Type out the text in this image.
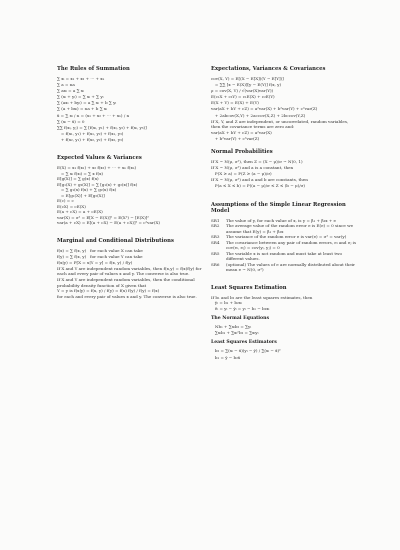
The Rules of Summation
∑ xᵢ = x₁ + x₂ + ··· + xₙ
∑ a = na
∑ axᵢ = a ∑ xᵢ
∑ (xᵢ + yᵢ) = ∑ xᵢ + ∑ yᵢ
∑ (axᵢ + byᵢ) = a ∑ xᵢ + b ∑ yᵢ
∑ (a + bxᵢ) = na + b ∑ xᵢ
x̄ = ∑ xᵢ / n = (x₁ + x₂ + ··· + xₙ) / n
∑ (xᵢ − x̄) = 0
∑∑ f(xᵢ, yⱼ) = ∑ [f(xᵢ, y₁) + f(xᵢ, y₂) + f(xᵢ, y₃)]
= f(x₁, y₁) + f(x₁, y₂) + f(x₁, y₃)
+ f(x₂, y₁) + f(x₂, y₂) + f(x₂, y₃)
Expected Values & Variances
E(X) = x₁ f(x₁) + x₂ f(x₂) + ··· + xₙ f(xₙ)
= ∑ xᵢ f(xᵢ) = ∑ x f(x)
E[g(X)] = ∑ g(x) f(x)
E[g₁(X) + g₂(X)] = ∑ [g₁(x) + g₂(x)] f(x)
= ∑ g₁(x) f(x) + ∑ g₂(x) f(x)
= E[g₁(X)] + E[g₂(X)]
E(c) = c
E(cX) = cE(X)
E(a + cX) = a + cE(X)
var(X) = σ² = E[X − E(X)]² = E(X²) − [E(X)]²
var(a + cX) = E[(a + cX) − E(a + cX)]² = c²var(X)
Marginal and Conditional Distributions
f(x) = ∑ f(x, y)   for each value X can take
f(y) = ∑ f(x, y)   for each value Y can take
f(x|y) = P[X = x|Y = y] = f(x, y) / f(y)

If X and Y are independent random variables, then f(x,y) = f(x)f(y) for each and every pair of values x and y. The converse is also true.

If X and Y are independent random variables, then the conditional probability density function of X given that

Y = y is f(x|y) = f(x, y) / f(y) = f(x) f(y) / f(y) = f(x)

for each and every pair of values x and y. The converse is also true.

Expectations, Variances & Covariances
cov(X, Y) = E[(X − E[X])(Y − E[Y])]
= ∑∑ [x − E(X)][y − E(Y)] f(x, y)
ρ = cov(X, Y) / √(var(X)var(Y))
E(c₁X + c₂Y) = c₁E(X) + c₂E(Y)
E(X + Y) = E(X) + E(Y)
var(aX + bY + cZ) = a²var(X) + b²var(Y) + c²var(Z)
+ 2abcov(X,Y) + 2accov(X,Z) + 2bccov(Y,Z)

If X, Y, and Z are independent, or uncorrelated, random variables, then the covariance terms are zero and:

var(aX + bY + cZ) = a²var(X)
+ b²var(Y) + c²var(Z)
Normal Probabilities
If X ~ N(μ, σ²), then Z = (X − μ)/σ ~ N(0, 1)
If X ~ N(μ, σ²) and a is a constant, then
P(X ≥ a) = P(Z ≥ (a − μ)/σ)
If X ~ N(μ, σ²) and a and b are constants, then
P(a ≤ X ≤ b) = P((a − μ)/σ ≤ Z ≤ (b − μ)/σ)
Assumptions of the Simple Linear Regression Model
SR1	The value of y, for each value of x, is y = β₁ + β₂x + e
SR2	The average value of the random error e is E(e) = 0 since we assume that E(y) = β₁ + β₂x
SR3	The variance of the random error e is var(e) = σ² = var(y)
SR4	The covariance between any pair of random errors, eᵢ and eⱼ is cov(eᵢ, eⱼ) = cov(yᵢ, yⱼ) = 0
SR5	The variable x is not random and must take at least two different values.
SR6	(optional) The values of e are normally distributed about their mean e ~ N(0, σ²)
Least Squares Estimation

If b₁ and b₂ are the least squares estimates, then

ŷᵢ = b₁ + b₂xᵢ
êᵢ = yᵢ − ŷᵢ = yᵢ − b₁ − b₂xᵢ
The Normal Equations
Nb₁ + ∑xᵢb₂ = ∑yᵢ
∑xᵢb₁ + ∑xᵢ²b₂ = ∑xᵢyᵢ
Least Squares Estimators
b₂ = ∑(xᵢ − x̄)(yᵢ − ȳ) / ∑(xᵢ − x̄)²
b₁ = ȳ − b₂x̄
